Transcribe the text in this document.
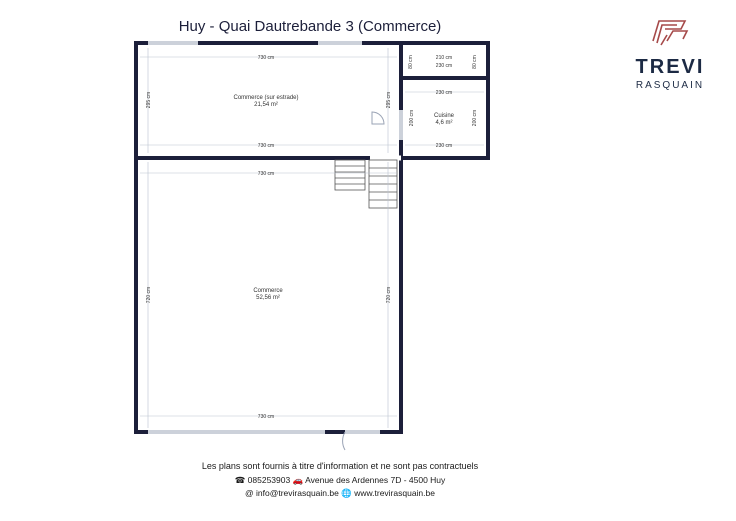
Huy - Quai Dautrebande 3 (Commerce)
TREVI
RASQUAIN
730 cm
730 cm
730 cm
730 cm
295 cm	295 cm
720 cm	720 cm
210 cm
230 cm
80 cm	80 cm
230 cm
230 cm
200 cm	200 cm
Commerce (sur estrade)
21,54 m²
Cuisine
4,6 m²
Commerce
52,56 m²
Les plans sont fournis à titre d'information et ne sont pas contractuels
☎ 085253903 🚗 Avenue des Ardennes 7D - 4500 Huy
@ info@trevirasquain.be 🌐 www.trevirasquain.be
